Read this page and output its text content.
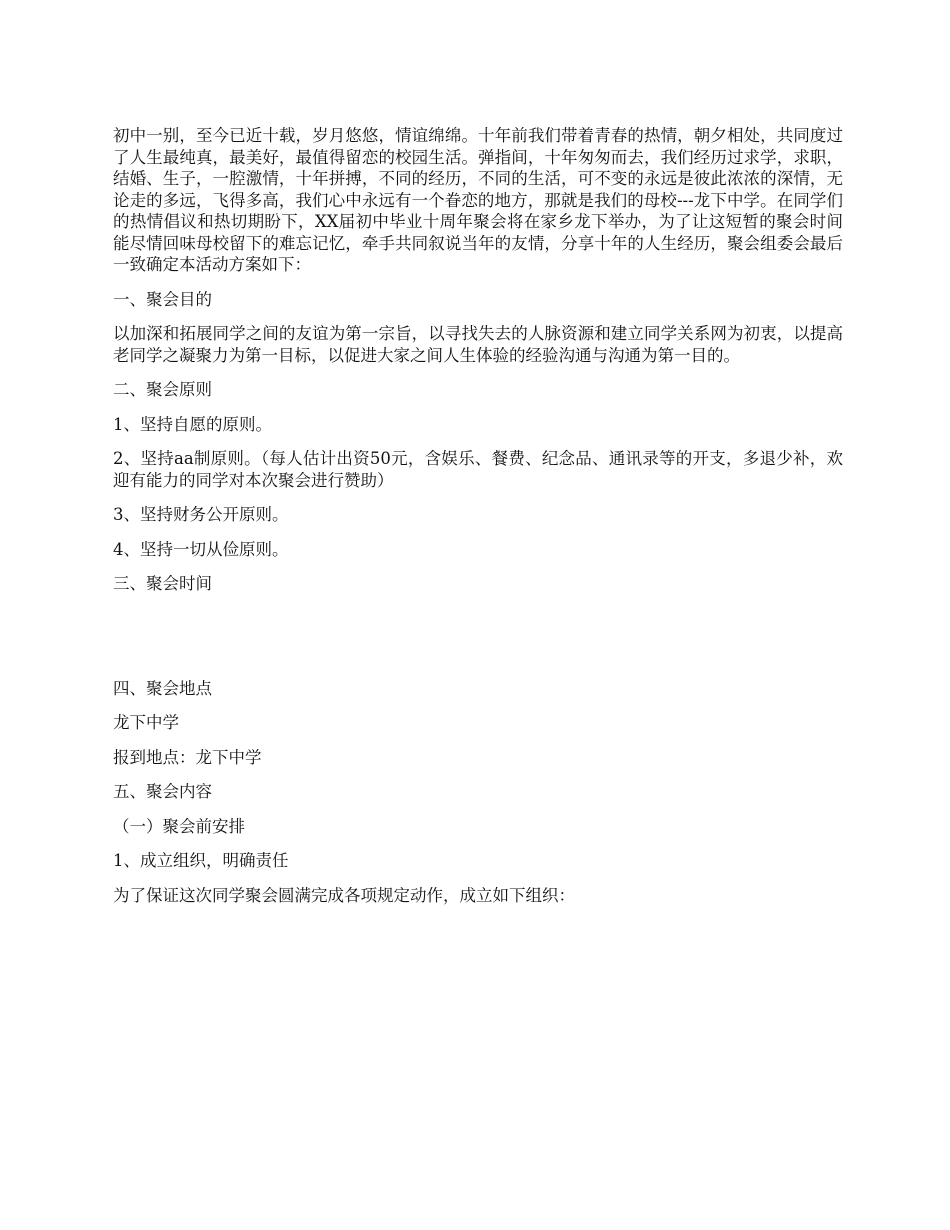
初中一别，至今已近十载，岁月悠悠，情谊绵绵。十年前我们带着青春的热情，朝夕相处，共同度过了人生最纯真，最美好，最值得留恋的校园生活。弹指间，十年匆匆而去，我们经历过求学，求职，结婚、生子，一腔激情，十年拼搏，不同的经历，不同的生活，可不变的永远是彼此浓浓的深情，无论走的多远，飞得多高，我们心中永远有一个眷恋的地方，那就是我们的母校---龙下中学。在同学们的热情倡议和热切期盼下，XX届初中毕业十周年聚会将在家乡龙下举办，为了让这短暂的聚会时间能尽情回味母校留下的难忘记忆，牵手共同叙说当年的友情，分享十年的人生经历，聚会组委会最后一致确定本活动方案如下：

一、聚会目的

以加深和拓展同学之间的友谊为第一宗旨，以寻找失去的人脉资源和建立同学关系网为初衷，以提高老同学之凝聚力为第一目标，以促进大家之间人生体验的经验沟通与沟通为第一目的。

二、聚会原则

1、坚持自愿的原则。

2、坚持aa制原则。（每人估计出资50元，含娱乐、餐费、纪念品、通讯录等的开支，多退少补，欢迎有能力的同学对本次聚会进行赞助）

3、坚持财务公开原则。

4、坚持一切从俭原则。

三、聚会时间

四、聚会地点

龙下中学

报到地点：龙下中学

五、聚会内容

（一）聚会前安排

1、成立组织，明确责任

为了保证这次同学聚会圆满完成各项规定动作，成立如下组织：
